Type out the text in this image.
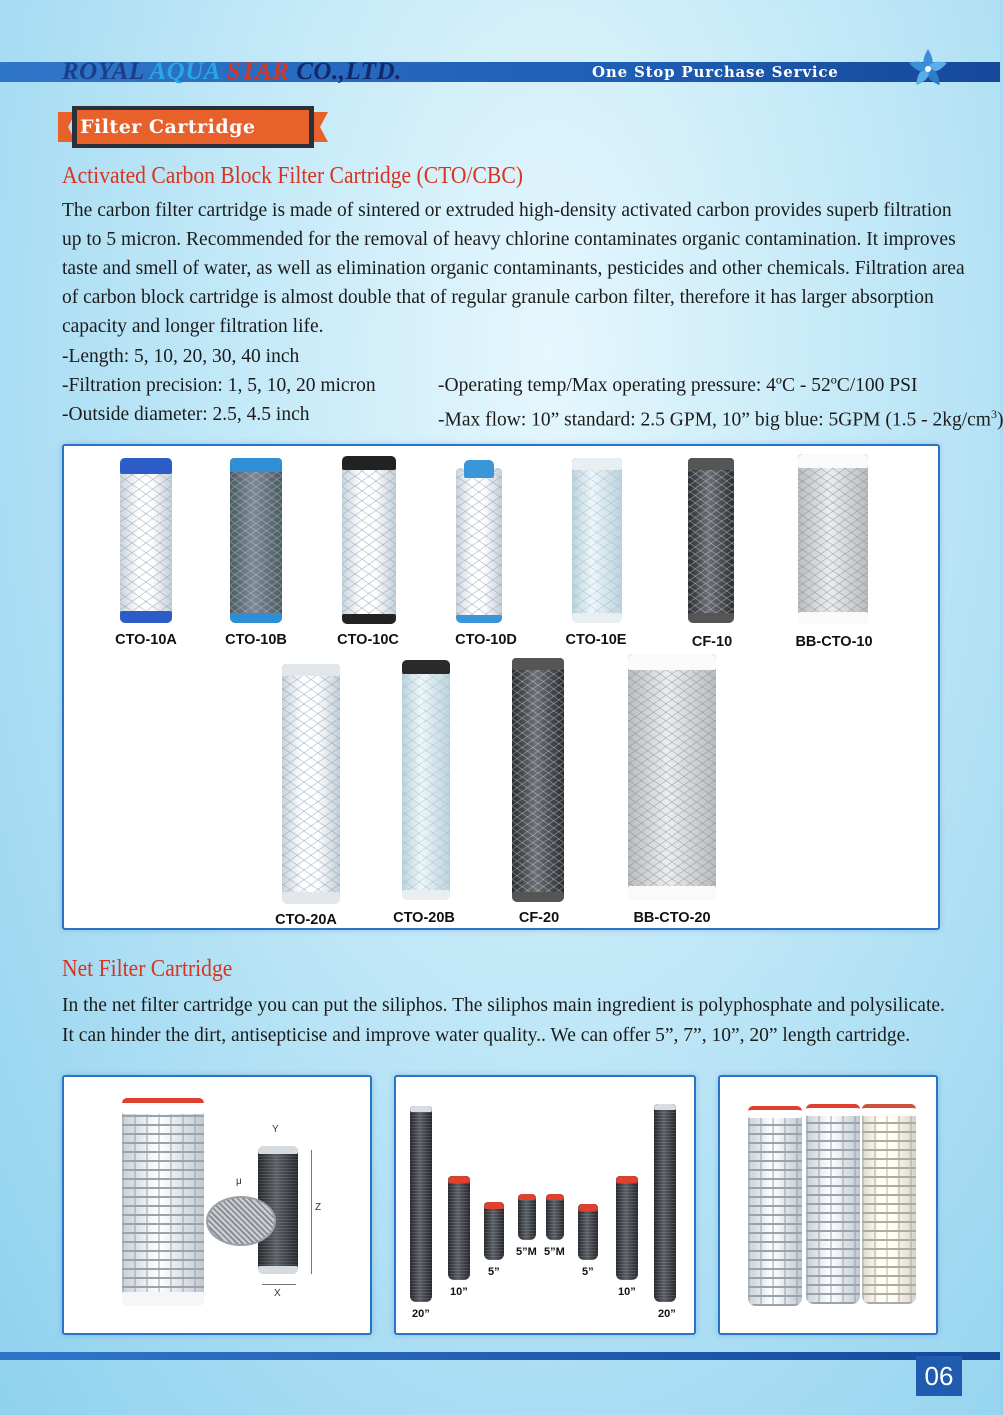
ROYAL AQUA STAR CO.,LTD.	One Stop Purchase Service
Filter Cartridge
Activated Carbon Block Filter Cartridge (CTO/CBC)
The carbon filter cartridge is made of sintered or extruded high-density activated carbon provides superb filtration up to 5 micron. Recommended for the removal of heavy chlorine contaminates organic contamination. It improves taste and smell of water, as well as elimination organic contaminants, pesticides and other chemicals. Filtration area of carbon block cartridge is almost double that of regular granule carbon filter, therefore it has larger absorption capacity and longer filtration life.
-Length: 5, 10, 20, 30, 40 inch
-Filtration precision: 1, 5, 10, 20 micron
-Outside diameter: 2.5, 4.5 inch
-Operating temp/Max operating pressure: 4ºC - 52ºC/100 PSI
-Max flow: 10” standard: 2.5 GPM, 10” big blue: 5GPM $(1.5 - 2kg/cm^3)$
CTO-10A	CTO-10B	CTO-10C	CTO-10D	CTO-10E	CF-10	BB-CTO-10
CTO-20A	CTO-20B	CF-20	BB-CTO-20
Net Filter Cartridge
In the net filter cartridge you can put the siliphos. The siliphos main ingredient is polyphosphate and polysilicate.
It can hinder the dirt, antisepticise and improve water quality.. We can offer 5”, 7”, 10”, 20” length cartridge.
Y
Z
X
μ
20”
10”
5”
5”M 5”M
5”
10”
20”
06
